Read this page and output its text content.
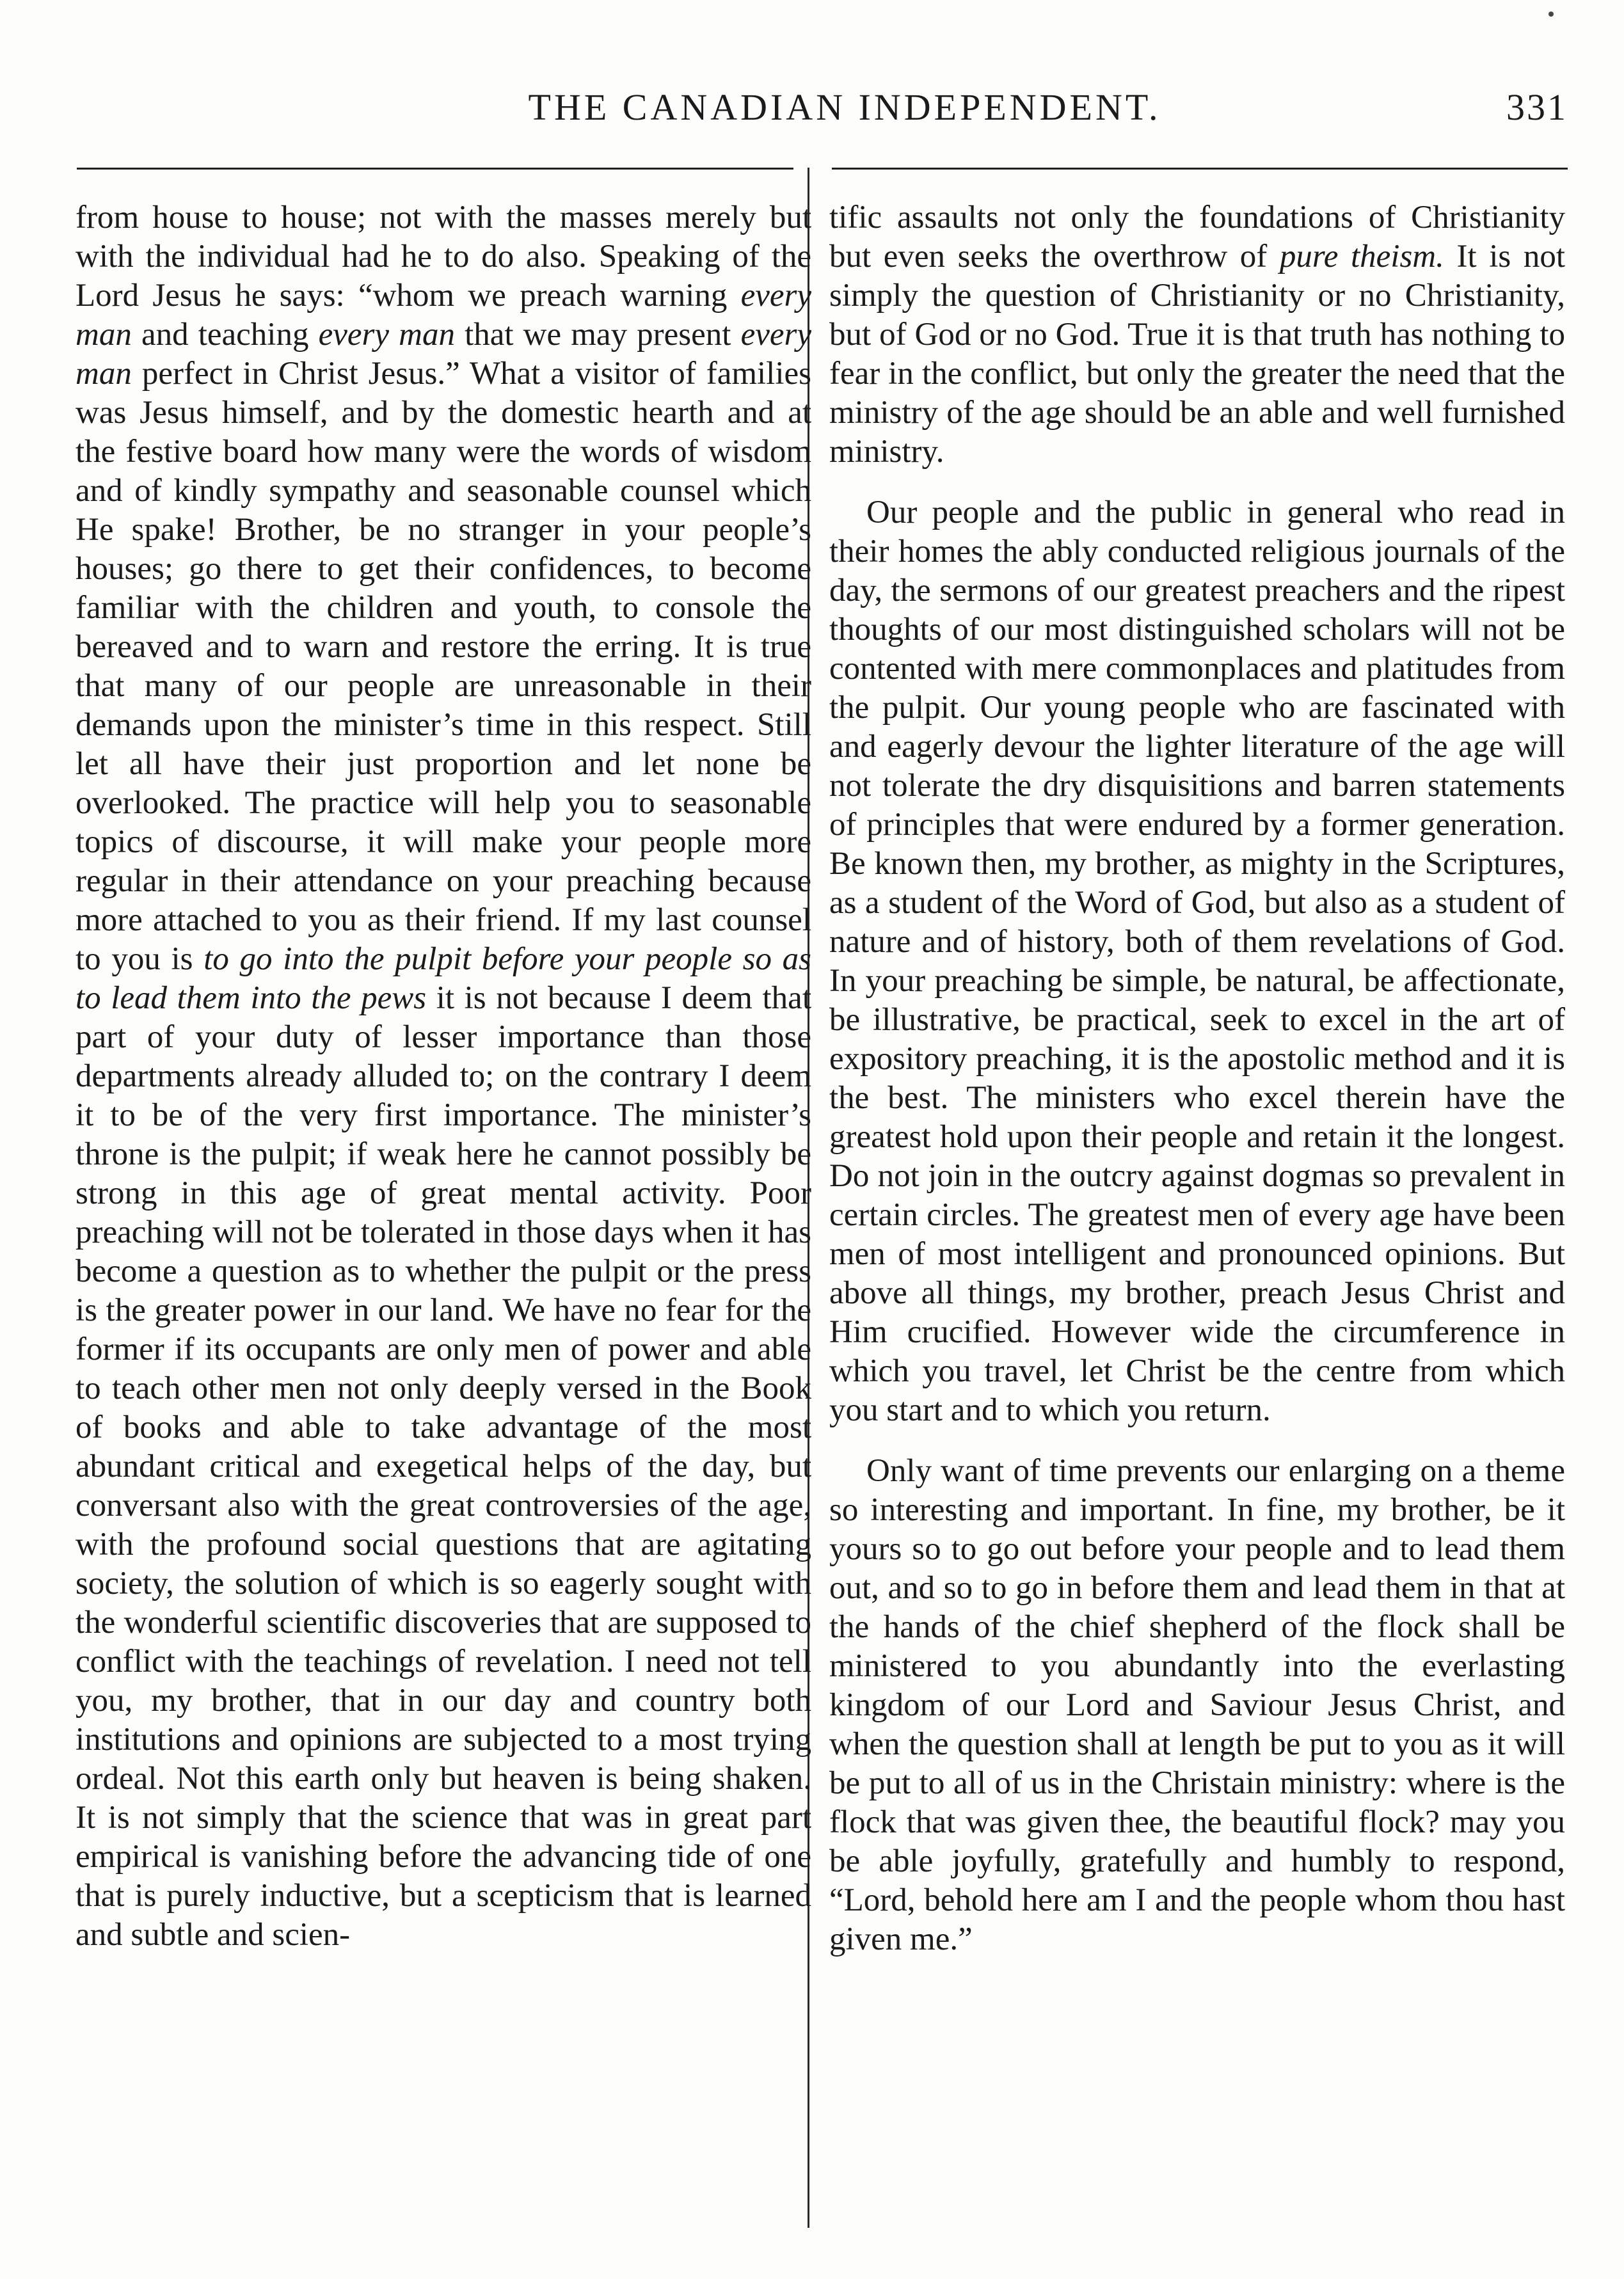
THE CANADIAN INDEPENDENT.	331

from house to house; not with the masses merely but with the individual had he to do also. Speaking of the Lord Jesus he says: “whom we preach warning every man and teaching every man that we may present every man perfect in Christ Jesus.” What a visitor of families was Jesus himself, and by the domestic hearth and at the festive board how many were the words of wisdom and of kindly sympathy and seasonable counsel which He spake! Brother, be no stranger in your people’s houses; go there to get their confidences, to become familiar with the children and youth, to console the bereaved and to warn and restore the erring. It is true that many of our people are unreasonable in their demands upon the minister’s time in this respect. Still let all have their just proportion and let none be overlooked. The practice will help you to seasonable topics of discourse, it will make your people more regular in their attendance on your preaching because more attached to you as their friend. If my last counsel to you is to go into the pulpit before your people so as to lead them into the pews it is not because I deem that part of your duty of lesser importance than those departments already alluded to; on the contrary I deem it to be of the very first importance. The minister’s throne is the pulpit; if weak here he cannot possibly be strong in this age of great mental activity. Poor preaching will not be tolerated in those days when it has become a question as to whether the pulpit or the press is the greater power in our land. We have no fear for the former if its occupants are only men of power and able to teach other men not only deeply versed in the Book of books and able to take advantage of the most abundant critical and exegetical helps of the day, but conversant also with the great controversies of the age, with the profound social questions that are agitating society, the solution of which is so eagerly sought with the wonderful scientific discoveries that are supposed to conflict with the teachings of revelation. I need not tell you, my brother, that in our day and country both institutions and opinions are subjected to a most trying ordeal. Not this earth only but heaven is being shaken. It is not simply that the science that was in great part empirical is vanishing before the advancing tide of one that is purely inductive, but a scepticism that is learned and subtle and scien-

tific assaults not only the foundations of Christianity but even seeks the overthrow of pure theism. It is not simply the question of Christianity or no Christianity, but of God or no God. True it is that truth has nothing to fear in the conflict, but only the greater the need that the ministry of the age should be an able and well furnished ministry.

Our people and the public in general who read in their homes the ably conducted religious journals of the day, the sermons of our greatest preachers and the ripest thoughts of our most distinguished scholars will not be contented with mere commonplaces and platitudes from the pulpit. Our young people who are fascinated with and eagerly devour the lighter literature of the age will not tolerate the dry disquisitions and barren statements of principles that were endured by a former generation. Be known then, my brother, as mighty in the Scriptures, as a student of the Word of God, but also as a student of nature and of history, both of them revelations of God. In your preaching be simple, be natural, be affectionate, be illustrative, be practical, seek to excel in the art of expository preaching, it is the apostolic method and it is the best. The ministers who excel therein have the greatest hold upon their people and retain it the longest. Do not join in the outcry against dogmas so prevalent in certain circles. The greatest men of every age have been men of most intelligent and pronounced opinions. But above all things, my brother, preach Jesus Christ and Him crucified. However wide the circumference in which you travel, let Christ be the centre from which you start and to which you return.

Only want of time prevents our enlarging on a theme so interesting and important. In fine, my brother, be it yours so to go out before your people and to lead them out, and so to go in before them and lead them in that at the hands of the chief shepherd of the flock shall be ministered to you abundantly into the everlasting kingdom of our Lord and Saviour Jesus Christ, and when the question shall at length be put to you as it will be put to all of us in the Christain ministry: where is the flock that was given thee, the beautiful flock? may you be able joyfully, gratefully and humbly to respond, “Lord, behold here am I and the people whom thou hast given me.”
